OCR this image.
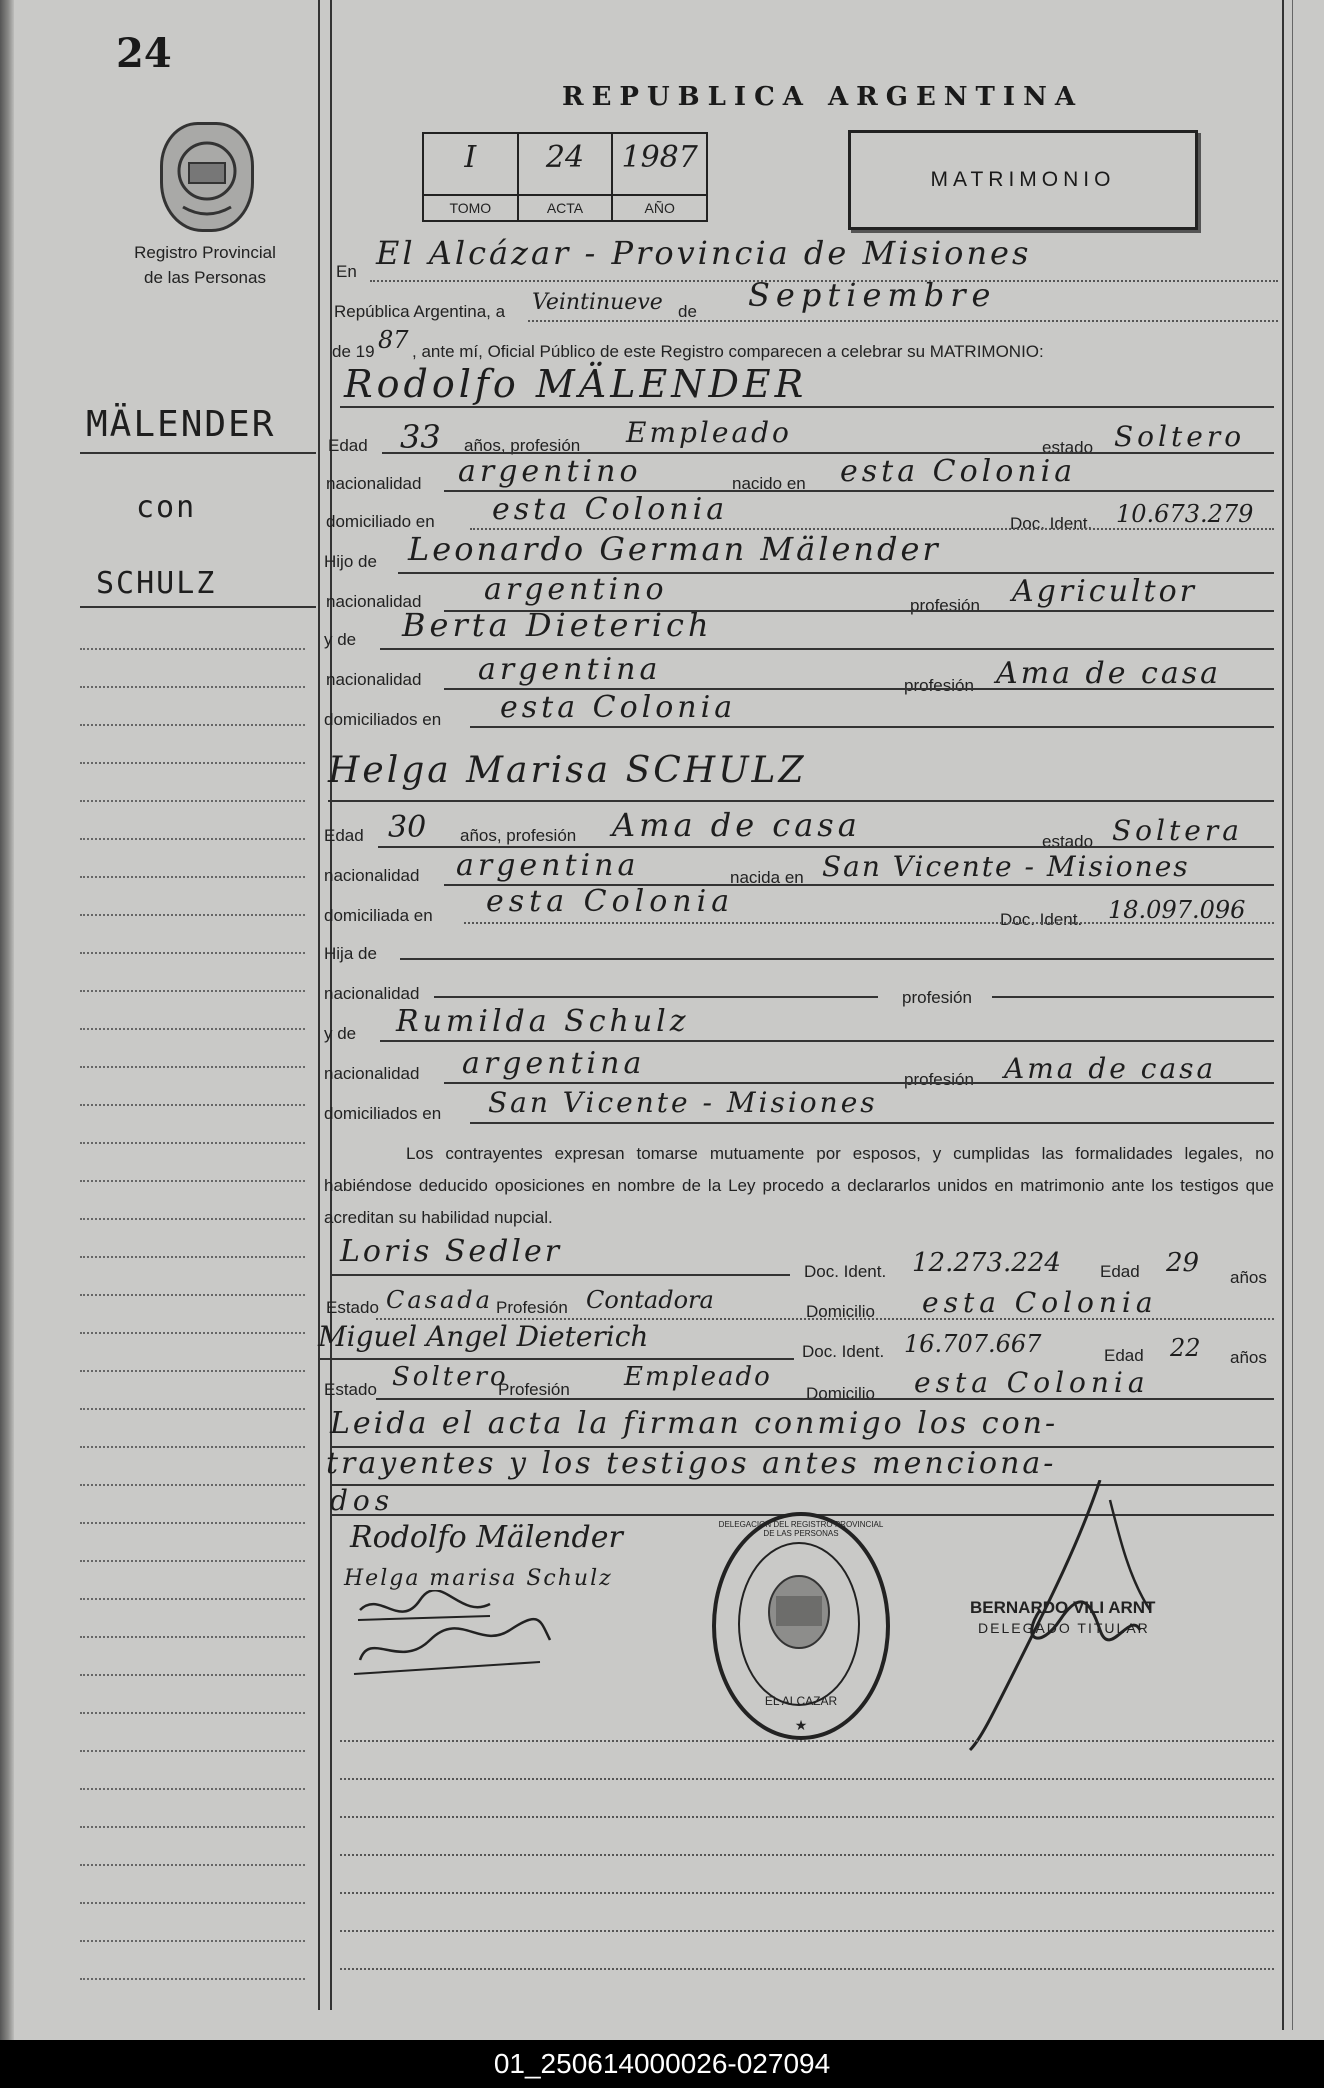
24
REPUBLICA ARGENTINA
Registro Provincial
de las Personas
I
TOMO
24
ACTA
1987
AÑO
MATRIMONIO
MÄLENDER
con
SCHULZ
En El Alcázar - Provincia de Misiones
República Argentina, a Veintinueve de Septiembre
de 19 87 , ante mí, Oficial Público de este Registro comparecen a celebrar su MATRIMONIO:
Rodolfo MÄLENDER
Edad 33 años, profesión Empleado	estado Soltero
nacionalidad argentino	nacido en esta Colonia
domiciliado en esta Colonia	Doc. Ident. 10.673.279
Hijo de Leonardo German Mälender
nacionalidad argentino	profesión Agricultor
y de Berta Dieterich
nacionalidad argentina	profesión Ama de casa
domiciliados en esta Colonia
Helga Marisa SCHULZ
Edad 30 años, profesión Ama de casa	estado Soltera
nacionalidad argentina	nacida en San Vicente - Misiones
domiciliada en esta Colonia
Doc. Ident. 18.097.096
Hija de
nacionalidad	profesión
y de Rumilda Schulz
nacionalidad argentina	profesión Ama de casa
domiciliados en San Vicente - Misiones
Los contrayentes expresan tomarse mutuamente por esposos, y cumplidas las formalidades legales, no habiéndose deducido oposiciones en nombre de la Ley procedo a declararlos unidos en matrimonio ante los testigos que acreditan su habilidad nupcial.
Loris Sedler
Doc. Ident. 12.273.224 Edad 29 años
Estado Casada Profesión Contadora	Domicilio esta Colonia
Miguel Angel Dieterich	Doc. Ident. 16.707.667	Edad 22 años
Estado Soltero
Profesión Empleado
Domicilio esta Colonia
Leida el acta la firman conmigo los con-
trayentes y los testigos antes menciona-
dos
Rodolfo Mälender
Helga marisa Schulz
DELEGACION DEL REGISTRO PROVINCIAL DE LAS PERSONAS
EL ALCAZAR
★
BERNARDO VILI ARNT
DELEGADO TITULAR
01_250614000026-027094
